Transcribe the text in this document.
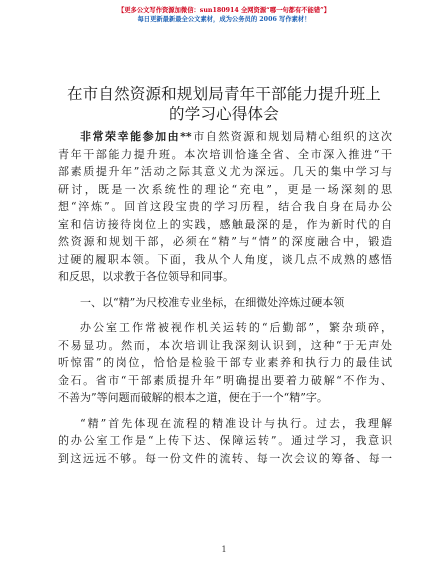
【更多公文写作资源加微信：sun180914 全网资源“哪一句都有不能错”】
每日更新最新最全公文素材，成为公务员的 2006 写作素材！
在市自然资源和规划局青年干部能力提升班上
的学习心得体会
非常荣幸能参加由**市自然资源和规划局精心组织的这次
青年干部能力提升班。本次培训恰逢全省、全市深入推进“干
部素质提升年”活动之际其意义尤为深远。几天的集中学习与
研讨，既是一次系统性的理论“充电”，更是一场深刻的思
想“淬炼”。回首这段宝贵的学习历程，结合我自身在局办公
室和信访接待岗位上的实践，感触最深的是，作为新时代的自
然资源和规划干部，必须在“精”与“情”的深度融合中，锻造
过硬的履职本领。下面，我从个人角度，谈几点不成熟的感悟
和反思，以求教于各位领导和同事。
一、以“精”为尺校准专业坐标，在细微处淬炼过硬本领
办公室工作常被视作机关运转的“后勤部”，繁杂琐碎，
不易显功。然而，本次培训让我深刻认识到，这种“于无声处
听惊雷”的岗位，恰恰是检验干部专业素养和执行力的最佳试
金石。省市“干部素质提升年”明确提出要着力破解“不作为、
不善为”等问题而破解的根本之道，便在于一个“精”字。
“精”首先体现在流程的精准设计与执行。过去，我理解
的办公室工作是“上传下达、保障运转”。通过学习，我意识
到这远远不够。每一份文件的流转、每一次会议的筹备、每一
1
